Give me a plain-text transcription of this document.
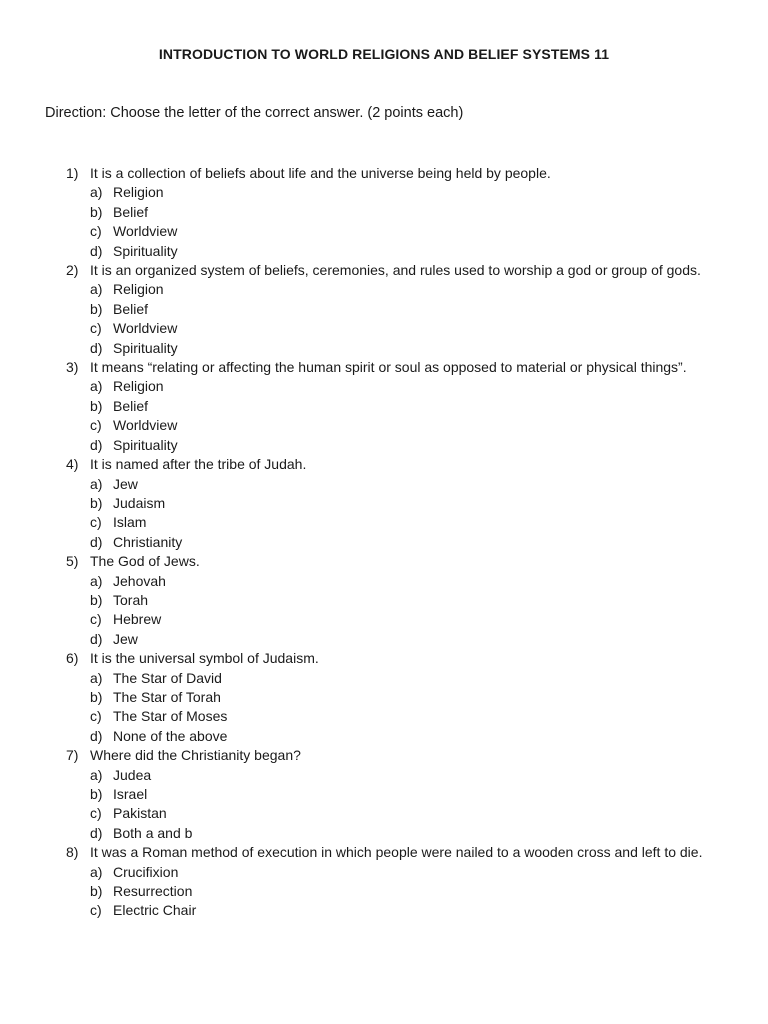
INTRODUCTION TO WORLD RELIGIONS AND BELIEF SYSTEMS 11
Direction: Choose the letter of the correct answer. (2 points each)
1) It is a collection of beliefs about life and the universe being held by people.
a) Religion
b) Belief
c) Worldview
d) Spirituality
2) It is an organized system of beliefs, ceremonies, and rules used to worship a god or group of gods.
a) Religion
b) Belief
c) Worldview
d) Spirituality
3) It means “relating or affecting the human spirit or soul as opposed to material or physical things”.
a) Religion
b) Belief
c) Worldview
d) Spirituality
4) It is named after the tribe of Judah.
a) Jew
b) Judaism
c) Islam
d) Christianity
5) The God of Jews.
a) Jehovah
b) Torah
c) Hebrew
d) Jew
6) It is the universal symbol of Judaism.
a) The Star of David
b) The Star of Torah
c) The Star of Moses
d) None of the above
7) Where did the Christianity began?
a) Judea
b) Israel
c) Pakistan
d) Both a and b
8) It was a Roman method of execution in which people were nailed to a wooden cross and left to die.
a) Crucifixion
b) Resurrection
c) Electric Chair
